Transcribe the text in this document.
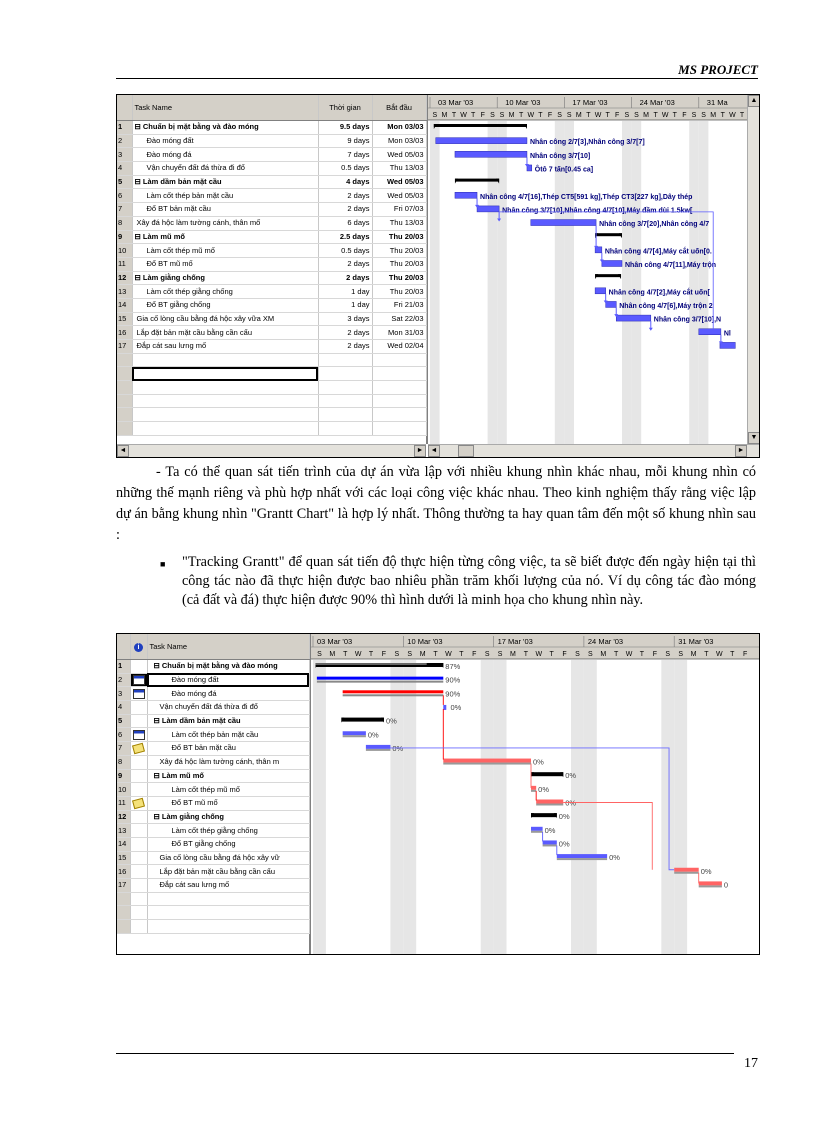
MS PROJECT
	Task Name	Thời gian	Bắt đầu
1	⊟ Chuẩn bị mặt bằng và đào móng	9.5 days	Mon 03/03
2	Đào móng đất	9 days	Mon 03/03
3	Đào móng đá	7 days	Wed 05/03
4	Vận chuyển đất đá thừa đi đổ	0.5 days	Thu 13/03
5	⊟ Làm dầm bản mặt cầu	4 days	Wed 05/03
6	Làm cốt thép bản mặt cầu	2 days	Wed 05/03
7	Đổ BT bản mặt cầu	2 days	Fri 07/03
8	Xây đá hộc làm tường cánh, thân mố	6 days	Thu 13/03
9	⊟ Làm mũ mố	2.5 days	Thu 20/03
10	Làm cốt thép mũ mố	0.5 days	Thu 20/03
11	Đổ BT mũ mố	2 days	Thu 20/03
12	⊟ Làm giằng chống	2 days	Thu 20/03
13	Làm cốt thép giằng chống	1 day	Thu 20/03
14	Đổ BT giằng chống	1 day	Fri 21/03
15	Gia cố lòng cầu bằng đá hộc xây vữa XM	3 days	Sat 22/03
16	Lắp đặt bản mặt cầu bằng cần cẩu	2 days	Mon 31/03
17	Đắp cát sau lưng mố	2 days	Wed 02/04

S M T W T F S S M T W T F S S M T W T F S S M T W T F S S M T W T
03 Mar '03	10 Mar '03	17 Mar '03	24 Mar '03	31 Ma
Nhân công 2/7[3],Nhân công 3/7[7]
Nhân công 3/7[10]
Ôtô 7 tấn[0.45 ca]
Nhân công 4/7[16],Thép CT5[591 kg],Thép CT3[227 kg],Dây thép
Nhân công 3/7[10],Nhân công 4/7[10],Máy đầm dùi 1.5kw[
Nhân công 3/7[20],Nhân công 4/7
Nhân công 4/7[4],Máy cắt uốn[0.
Nhân công 4/7[11],Máy trộn
Nhân công 4/7[2],Máy cắt uốn[
Nhân công 4/7[6],Máy trộn 2
Nhân công 3/7[10],N
Nl
▲
▼
◄	►	◄	►
- Ta có thể quan sát tiến trình của dự án vừa lập với nhiều khung nhìn khác nhau, mỗi khung nhìn có những thế mạnh riêng và phù hợp nhất với các loại công việc khác nhau. Theo kinh nghiệm thấy rằng việc lập dự án bằng khung nhìn "Grantt Chart" là hợp lý nhất. Thông thường ta hay quan tâm đến một số khung nhìn sau :
■ "Tracking Grantt" để quan sát tiến độ thực hiện từng công việc, ta sẽ biết được đến ngày hiện tại thì công tác nào đã thực hiện được bao nhiêu phần trăm khối lượng của nó. Ví dụ công tác đào móng (cả đất và đá) thực hiện được 90% thì hình dưới là minh họa cho khung nhìn này.
	i	Task Name
1		⊟ Chuẩn bị mặt bằng và đào móng
2		Đào móng đất
3		Đào móng đá
4		Vận chuyển đất đá thừa đi đổ
5		⊟ Làm dầm bản mặt cầu
6		Làm cốt thép bản mặt cầu
7		Đổ BT bản mặt cầu
8		Xây đá hộc làm tường cánh, thân m
9		⊟ Làm mũ mố
10		Làm cốt thép mũ mố
11		Đổ BT mũ mố
12		⊟ Làm giằng chống
13		Làm cốt thép giằng chống
14		Đổ BT giằng chống
15		Gia cố lòng cầu bằng đá hộc xây vữ
16		Lắp đặt bản mặt cầu bằng cần cẩu
17		Đắp cát sau lưng mố

S M T W T F S S M T W T F S S M T W T F S S M T W T F S S M T W T F
03 Mar '03	10 Mar '03	17 Mar '03	24 Mar '03	31 Mar '03
87%
90%
90%
0%
0%
0%
0%
0%
0%
0%
0%
0%
0%
0%
0%
0%
0
17
